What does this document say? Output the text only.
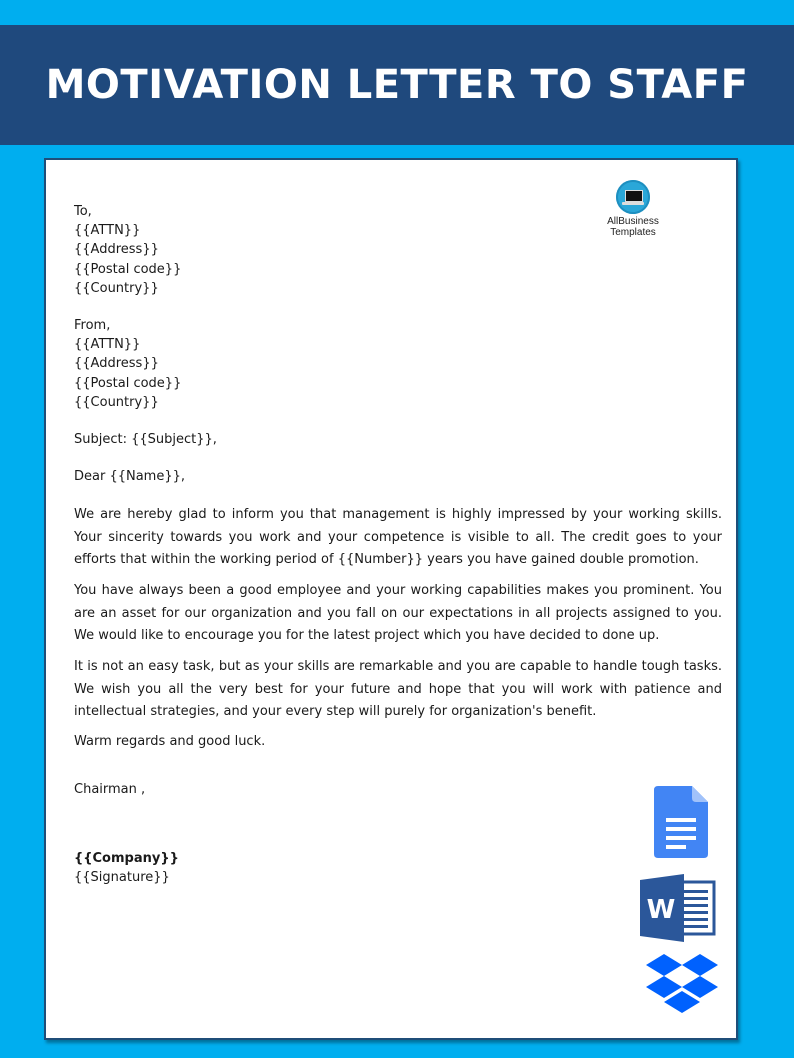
MOTIVATION LETTER TO STAFF
AllBusiness
Templates
To,
{{ATTN}}
{{Address}}
{{Postal code}}
{{Country}}
From,
{{ATTN}}
{{Address}}
{{Postal code}}
{{Country}}
Subject: {{Subject}},
Dear {{Name}},

We are hereby glad to inform you that management is highly impressed by your working skills. Your sincerity towards you work and your competence is visible to all. The credit goes to your efforts that within the working period of {{Number}} years you have gained double promotion.

You have always been a good employee and your working capabilities makes you prominent. You are an asset for our organization and you fall on our expectations in all projects assigned to you. We would like to encourage you for the latest project which you have decided to done up.

It is not an easy task, but as your skills are remarkable and you are capable to handle tough tasks. We wish you all the very best for your future and hope that you will work with patience and intellectual strategies, and your every step will purely for organization's benefit.

Warm regards and good luck.
Chairman ,
{{Company}}
{{Signature}}
W
